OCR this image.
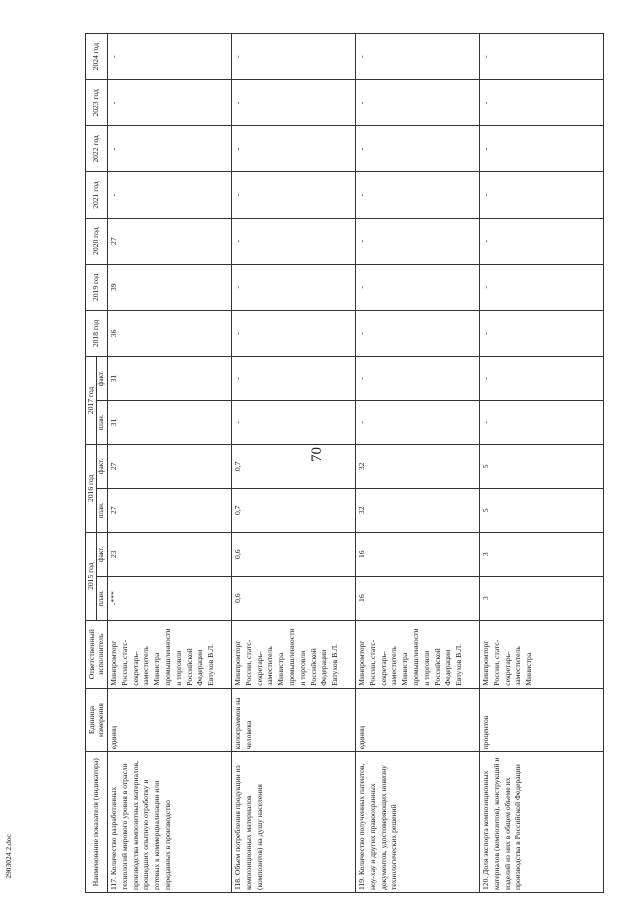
70
2903024 2.doc	Наименование показателя (индикатора)	Единица измерения	Ответственный исполнитель	2015 год		2016 год		2017 год		2018 год	2019 год	2020 год	2021 год	2022 год	2023 год	2024 год
			план.	факт.	план.	факт.	план.	факт.							
117. Количество разработанных технологий мирового уровня в отрасли производства композитных материалов, прошедших опытную отработку и готовых к коммерциализации или переданных в производство	единиц	Минпромторг России, статс-секретарь-заместитель Министра промышленности и торговли Российской Федерации Евтухов В.Л.	-***	23	27	27	31	31	36	39	27	-	-	-	-
118. Объем потребления продукции из композиционных материалов (композитов) на душу населения	килограммов на человека	Минпромторг России, статс-секретарь-заместитель Министра промышленности и торговли Российской Федерации Евтухов В.Л.	0,6	0,6	0,7	0,7	-	-	-	-	-	-	-	-	-
119. Количество полученных патентов, ноу-хау и других правоохранных документов, удостоверяющих новизну технологических решений	единиц	Минпромторг России, статс-секретарь-заместитель Министра промышленности и торговли Российской Федерации Евтухов В.Л.	16	16	32	32	-	-	-	-	-	-	-	-	-
120. Доля экспорта композиционных материалов (композитов), конструкций и изделий из них в общем объеме их производства в Российской Федерации	процентов	Минпромторг России, статс-секретарь-заместитель Министра	3	3	5	5	-	-	-	-	-	-	-	-	-
